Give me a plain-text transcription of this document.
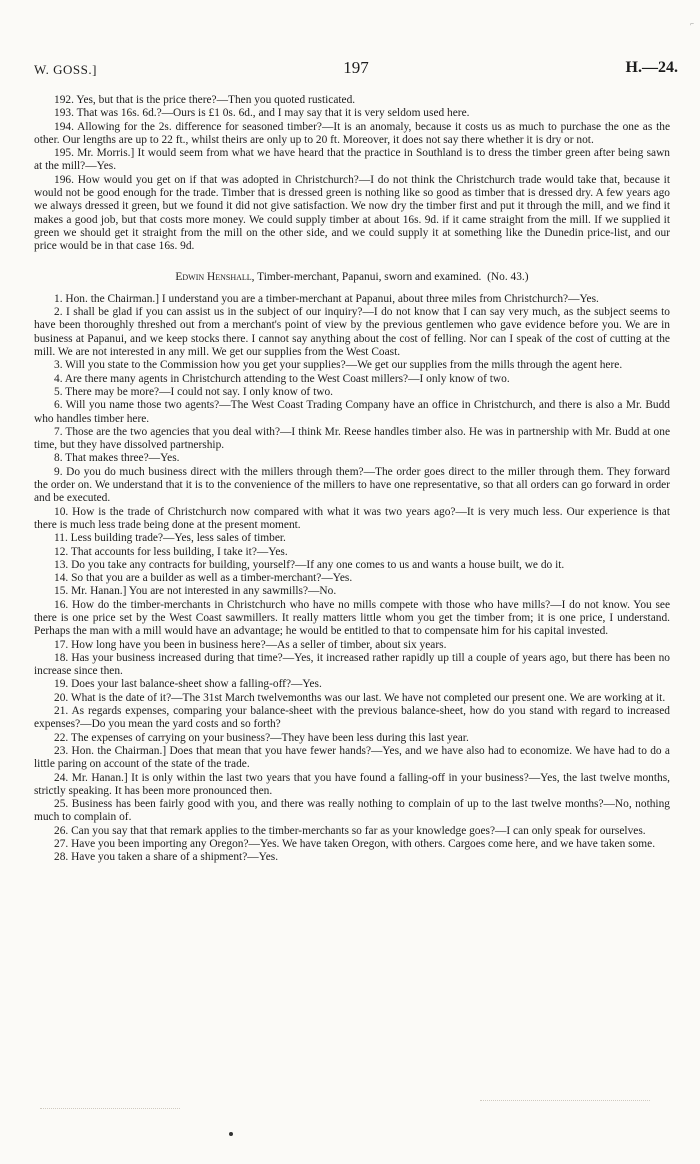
⌐
W. GOSS.]	197	H.—24.

192. Yes, but that is the price there?—Then you quoted rusticated.

193. That was 16s. 6d.?—Ours is £1 0s. 6d., and I may say that it is very seldom used here.

194. Allowing for the 2s. difference for seasoned timber?—It is an anomaly, because it costs us as much to purchase the one as the other. Our lengths are up to 22 ft., whilst theirs are only up to 20 ft. Moreover, it does not say there whether it is dry or not.

195. Mr. Morris.] It would seem from what we have heard that the practice in Southland is to dress the timber green after being sawn at the mill?—Yes.

196. How would you get on if that was adopted in Christchurch?—I do not think the Christchurch trade would take that, because it would not be good enough for the trade. Timber that is dressed green is nothing like so good as timber that is dressed dry. A few years ago we always dressed it green, but we found it did not give satisfaction. We now dry the timber first and put it through the mill, and we find it makes a good job, but that costs more money. We could supply timber at about 16s. 9d. if it came straight from the mill. If we supplied it green we should get it straight from the mill on the other side, and we could supply it at something like the Dunedin price-list, and our price would be in that case 16s. 9d.

Edwin Henshall, Timber-merchant, Papanui, sworn and examined. (No. 43.)

1. Hon. the Chairman.] I understand you are a timber-merchant at Papanui, about three miles from Christchurch?—Yes.

2. I shall be glad if you can assist us in the subject of our inquiry?—I do not know that I can say very much, as the subject seems to have been thoroughly threshed out from a merchant's point of view by the previous gentlemen who gave evidence before you. We are in business at Papanui, and we keep stocks there. I cannot say anything about the cost of felling. Nor can I speak of the cost of cutting at the mill. We are not interested in any mill. We get our supplies from the West Coast.

3. Will you state to the Commission how you get your supplies?—We get our supplies from the mills through the agent here.

4. Are there many agents in Christchurch attending to the West Coast millers?—I only know of two.

5. There may be more?—I could not say. I only know of two.

6. Will you name those two agents?—The West Coast Trading Company have an office in Christchurch, and there is also a Mr. Budd who handles timber here.

7. Those are the two agencies that you deal with?—I think Mr. Reese handles timber also. He was in partnership with Mr. Budd at one time, but they have dissolved partnership.

8. That makes three?—Yes.

9. Do you do much business direct with the millers through them?—The order goes direct to the miller through them. They forward the order on. We understand that it is to the convenience of the millers to have one representative, so that all orders can go forward in order and be executed.

10. How is the trade of Christchurch now compared with what it was two years ago?—It is very much less. Our experience is that there is much less trade being done at the present moment.

11. Less building trade?—Yes, less sales of timber.

12. That accounts for less building, I take it?—Yes.

13. Do you take any contracts for building, yourself?—If any one comes to us and wants a house built, we do it.

14. So that you are a builder as well as a timber-merchant?—Yes.

15. Mr. Hanan.] You are not interested in any sawmills?—No.

16. How do the timber-merchants in Christchurch who have no mills compete with those who have mills?—I do not know. You see there is one price set by the West Coast sawmillers. It really matters little whom you get the timber from; it is one price, I understand. Perhaps the man with a mill would have an advantage; he would be entitled to that to compensate him for his capital invested.

17. How long have you been in business here?—As a seller of timber, about six years.

18. Has your business increased during that time?—Yes, it increased rather rapidly up till a couple of years ago, but there has been no increase since then.

19. Does your last balance-sheet show a falling-off?—Yes.

20. What is the date of it?—The 31st March twelvemonths was our last. We have not completed our present one. We are working at it.

21. As regards expenses, comparing your balance-sheet with the previous balance-sheet, how do you stand with regard to increased expenses?—Do you mean the yard costs and so forth?

22. The expenses of carrying on your business?—They have been less during this last year.

23. Hon. the Chairman.] Does that mean that you have fewer hands?—Yes, and we have also had to economize. We have had to do a little paring on account of the state of the trade.

24. Mr. Hanan.] It is only within the last two years that you have found a falling-off in your business?—Yes, the last twelve months, strictly speaking. It has been more pronounced then.

25. Business has been fairly good with you, and there was really nothing to complain of up to the last twelve months?—No, nothing much to complain of.

26. Can you say that that remark applies to the timber-merchants so far as your knowledge goes?—I can only speak for ourselves.

27. Have you been importing any Oregon?—Yes. We have taken Oregon, with others. Cargoes come here, and we have taken some.

28. Have you taken a share of a shipment?—Yes.
